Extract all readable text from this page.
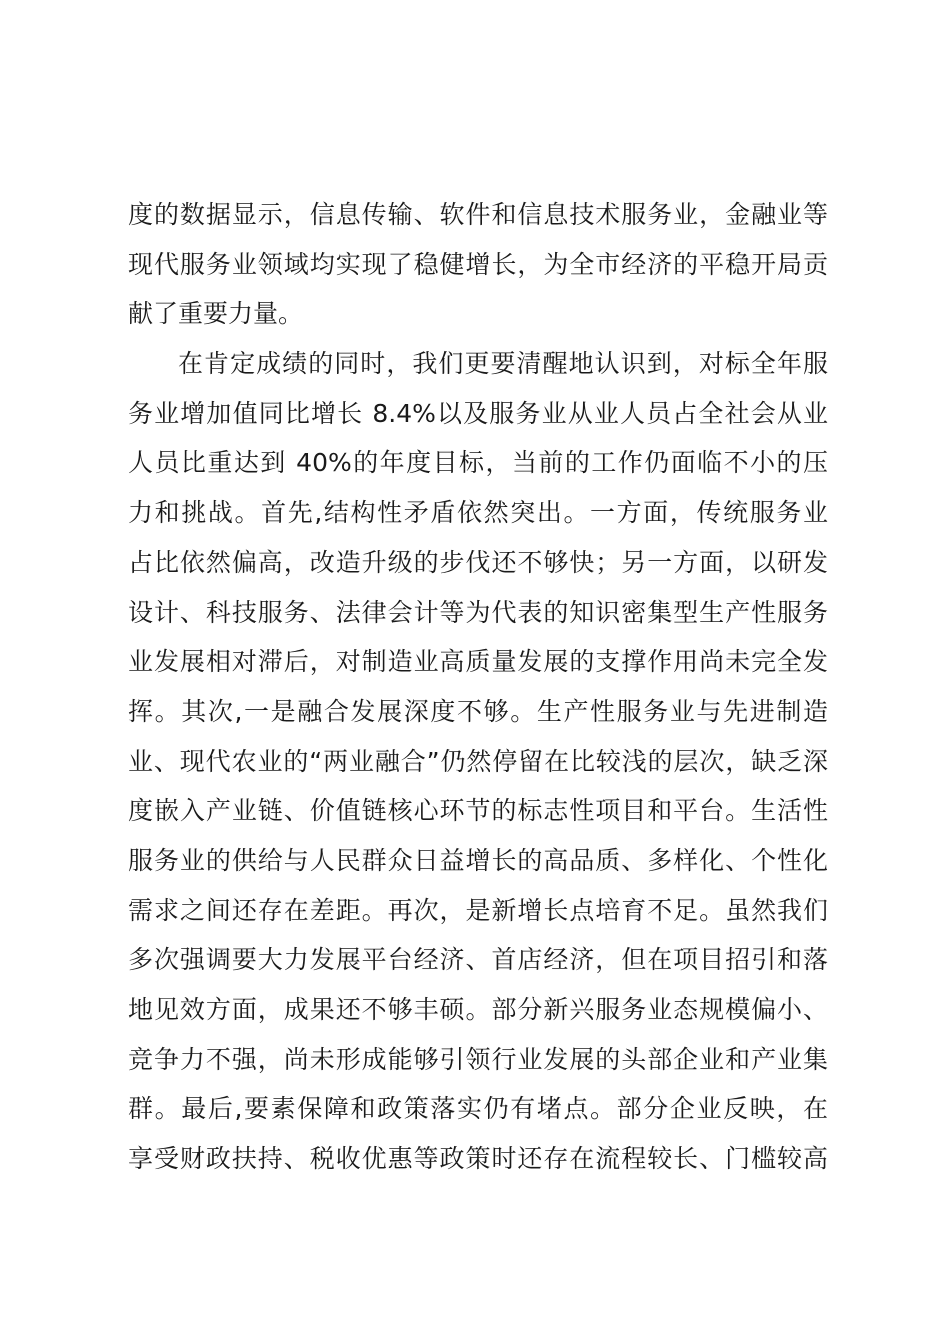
度的数据显示，信息传输、软件和信息技术服务业，金融业等
现代服务业领域均实现了稳健增长，为全市经济的平稳开局贡
献了重要力量。
在肯定成绩的同时，我们更要清醒地认识到，对标全年服
务业增加值同比增长 8.4%以及服务业从业人员占全社会从业
人员比重达到 40%的年度目标，当前的工作仍面临不小的压
力和挑战。首先,结构性矛盾依然突出。一方面，传统服务业
占比依然偏高，改造升级的步伐还不够快；另一方面，以研发
设计、科技服务、法律会计等为代表的知识密集型生产性服务
业发展相对滞后，对制造业高质量发展的支撑作用尚未完全发
挥。其次,一是融合发展深度不够。生产性服务业与先进制造
业、现代农业的“两业融合”仍然停留在比较浅的层次，缺乏深
度嵌入产业链、价值链核心环节的标志性项目和平台。生活性
服务业的供给与人民群众日益增长的高品质、多样化、个性化
需求之间还存在差距。再次，是新增长点培育不足。虽然我们
多次强调要大力发展平台经济、首店经济，但在项目招引和落
地见效方面，成果还不够丰硕。部分新兴服务业态规模偏小、
竞争力不强，尚未形成能够引领行业发展的头部企业和产业集
群。最后,要素保障和政策落实仍有堵点。部分企业反映，在
享受财政扶持、税收优惠等政策时还存在流程较长、门槛较高
